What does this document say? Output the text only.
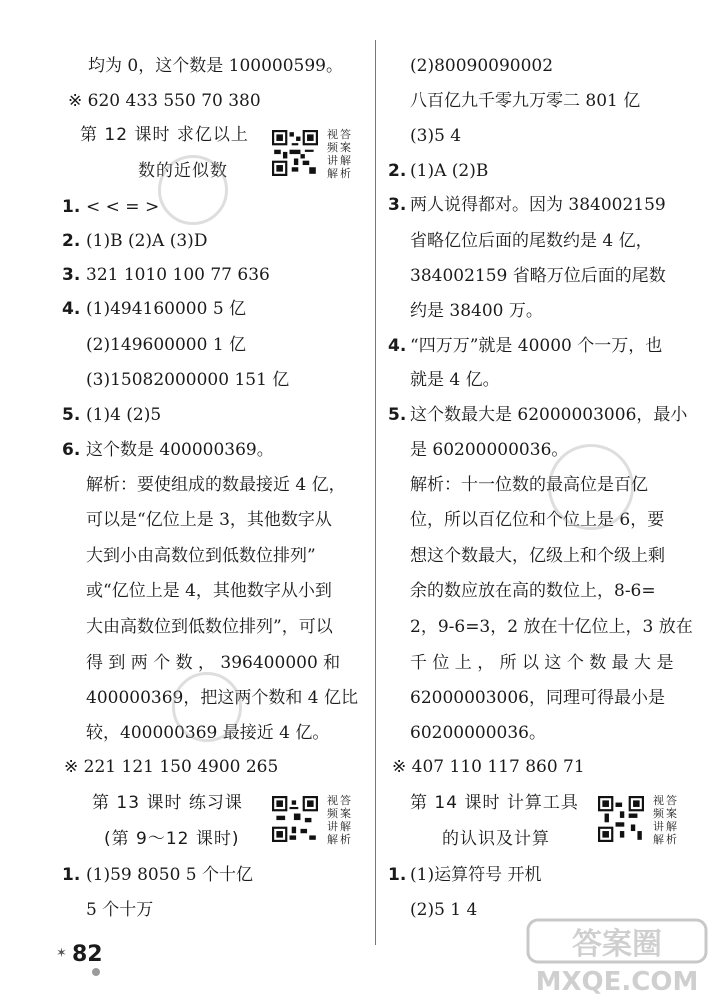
均为 0，这个数是 100000599。
※ 620 433 550 70 380
第 12 课时 求亿以上
数的近似数
视 答频 案讲 解解 析
1. < < = >
2. (1)B (2)A (3)D
3. 321 1010 100 77 636
4. (1)494160000 5 亿
(2)149600000 1 亿
(3)15082000000 151 亿
5. (1)4 (2)5
6. 这个数是 400000369。
解析：要使组成的数最接近 4 亿，
可以是“亿位上是 3，其他数字从
大到小由高数位到低数位排列”
或“亿位上是 4，其他数字从小到
大由高数位到低数位排列”，可以
得 到 两 个 数 ， 396400000 和
400000369，把这两个数和 4 亿比
较，400000369 最接近 4 亿。
※ 221 121 150 4900 265
第 13 课时 练习课
(第 9～12 课时)
视 答频 案讲 解解 析
1. (1)59 8050 5 个十亿
5 个十万
(2)80090090002
八百亿九千零九万零二 801 亿
(3)5 4
2. (1)A (2)B
3. 两人说得都对。因为 384002159
省略亿位后面的尾数约是 4 亿，
384002159 省略万位后面的尾数
约是 38400 万。
4. “四万万”就是 40000 个一万，也
就是 4 亿。
5. 这个数最大是 62000003006，最小
是 60200000036。
解析：十一位数的最高位是百亿
位，所以百亿位和个位上是 6，要
想这个数最大，亿级上和个级上剩
余的数应放在高的数位上，8-6=
2，9-6=3，2 放在十亿位上，3 放在
千 位 上 ， 所 以 这 个 数 最 大 是
62000003006，同理可得最小是
60200000036。
※ 407 110 117 860 71
第 14 课时 计算工具
的认识及计算
视 答频 案讲 解解 析
1. (1)运算符号 开机
(2)5 1 4
✶ 82	答案圈
MXQE.COM
